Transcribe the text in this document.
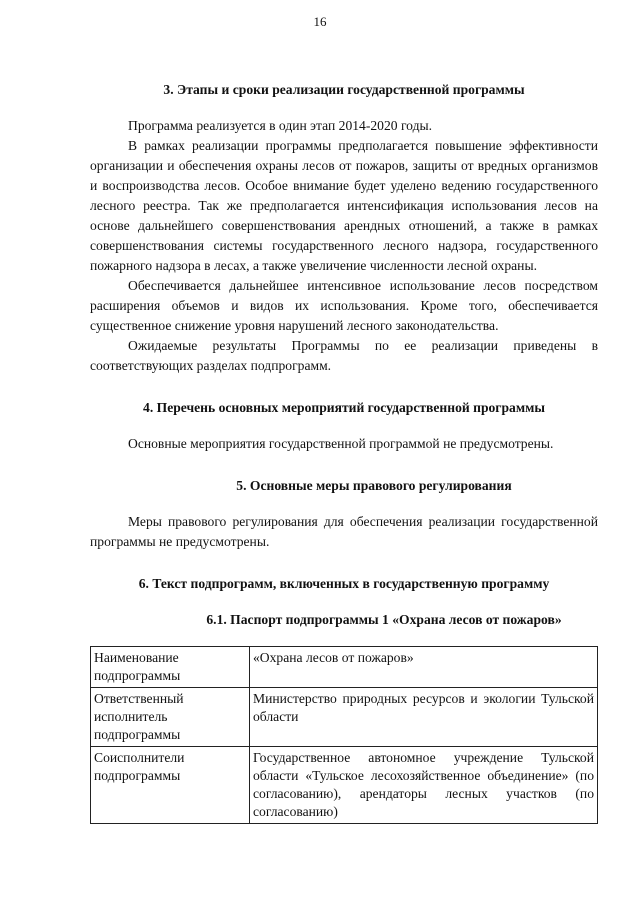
16
3. Этапы и сроки реализации государственной программы

Программа реализуется в один этап 2014-2020 годы.

В рамках реализации программы предполагается повышение эффективности организации и обеспечения охраны лесов от пожаров, защиты от вредных организмов и воспроизводства лесов. Особое внимание будет уделено ведению государственного лесного реестра. Так же предполагается интенсификация использования лесов на основе дальнейшего совершенствования арендных отношений, а также в рамках совершенствования системы государственного лесного надзора, государственного пожарного надзора в лесах, а также увеличение численности лесной охраны.

Обеспечивается дальнейшее интенсивное использование лесов посредством расширения объемов и видов их использования. Кроме того, обеспечивается существенное снижение уровня нарушений лесного законодательства.

Ожидаемые результаты Программы по ее реализации приведены в соответствующих разделах подпрограмм.

4. Перечень основных мероприятий государственной программы

Основные мероприятия государственной программой не предусмотрены.

5. Основные меры правового регулирования

Меры правового регулирования для обеспечения реализации государственной программы не предусмотрены.

6. Текст подпрограмм, включенных в государственную программу
6.1. Паспорт подпрограммы 1 «Охрана лесов от пожаров»
Наименование подпрограммы	«Охрана лесов от пожаров»
Ответственный исполнитель подпрограммы	Министерство природных ресурсов и экологии Тульской области
Соисполнители подпрограммы	Государственное автономное учреждение Тульской области «Тульское лесохозяйственное объединение» (по согласованию), арендаторы лесных участков (по согласованию)
